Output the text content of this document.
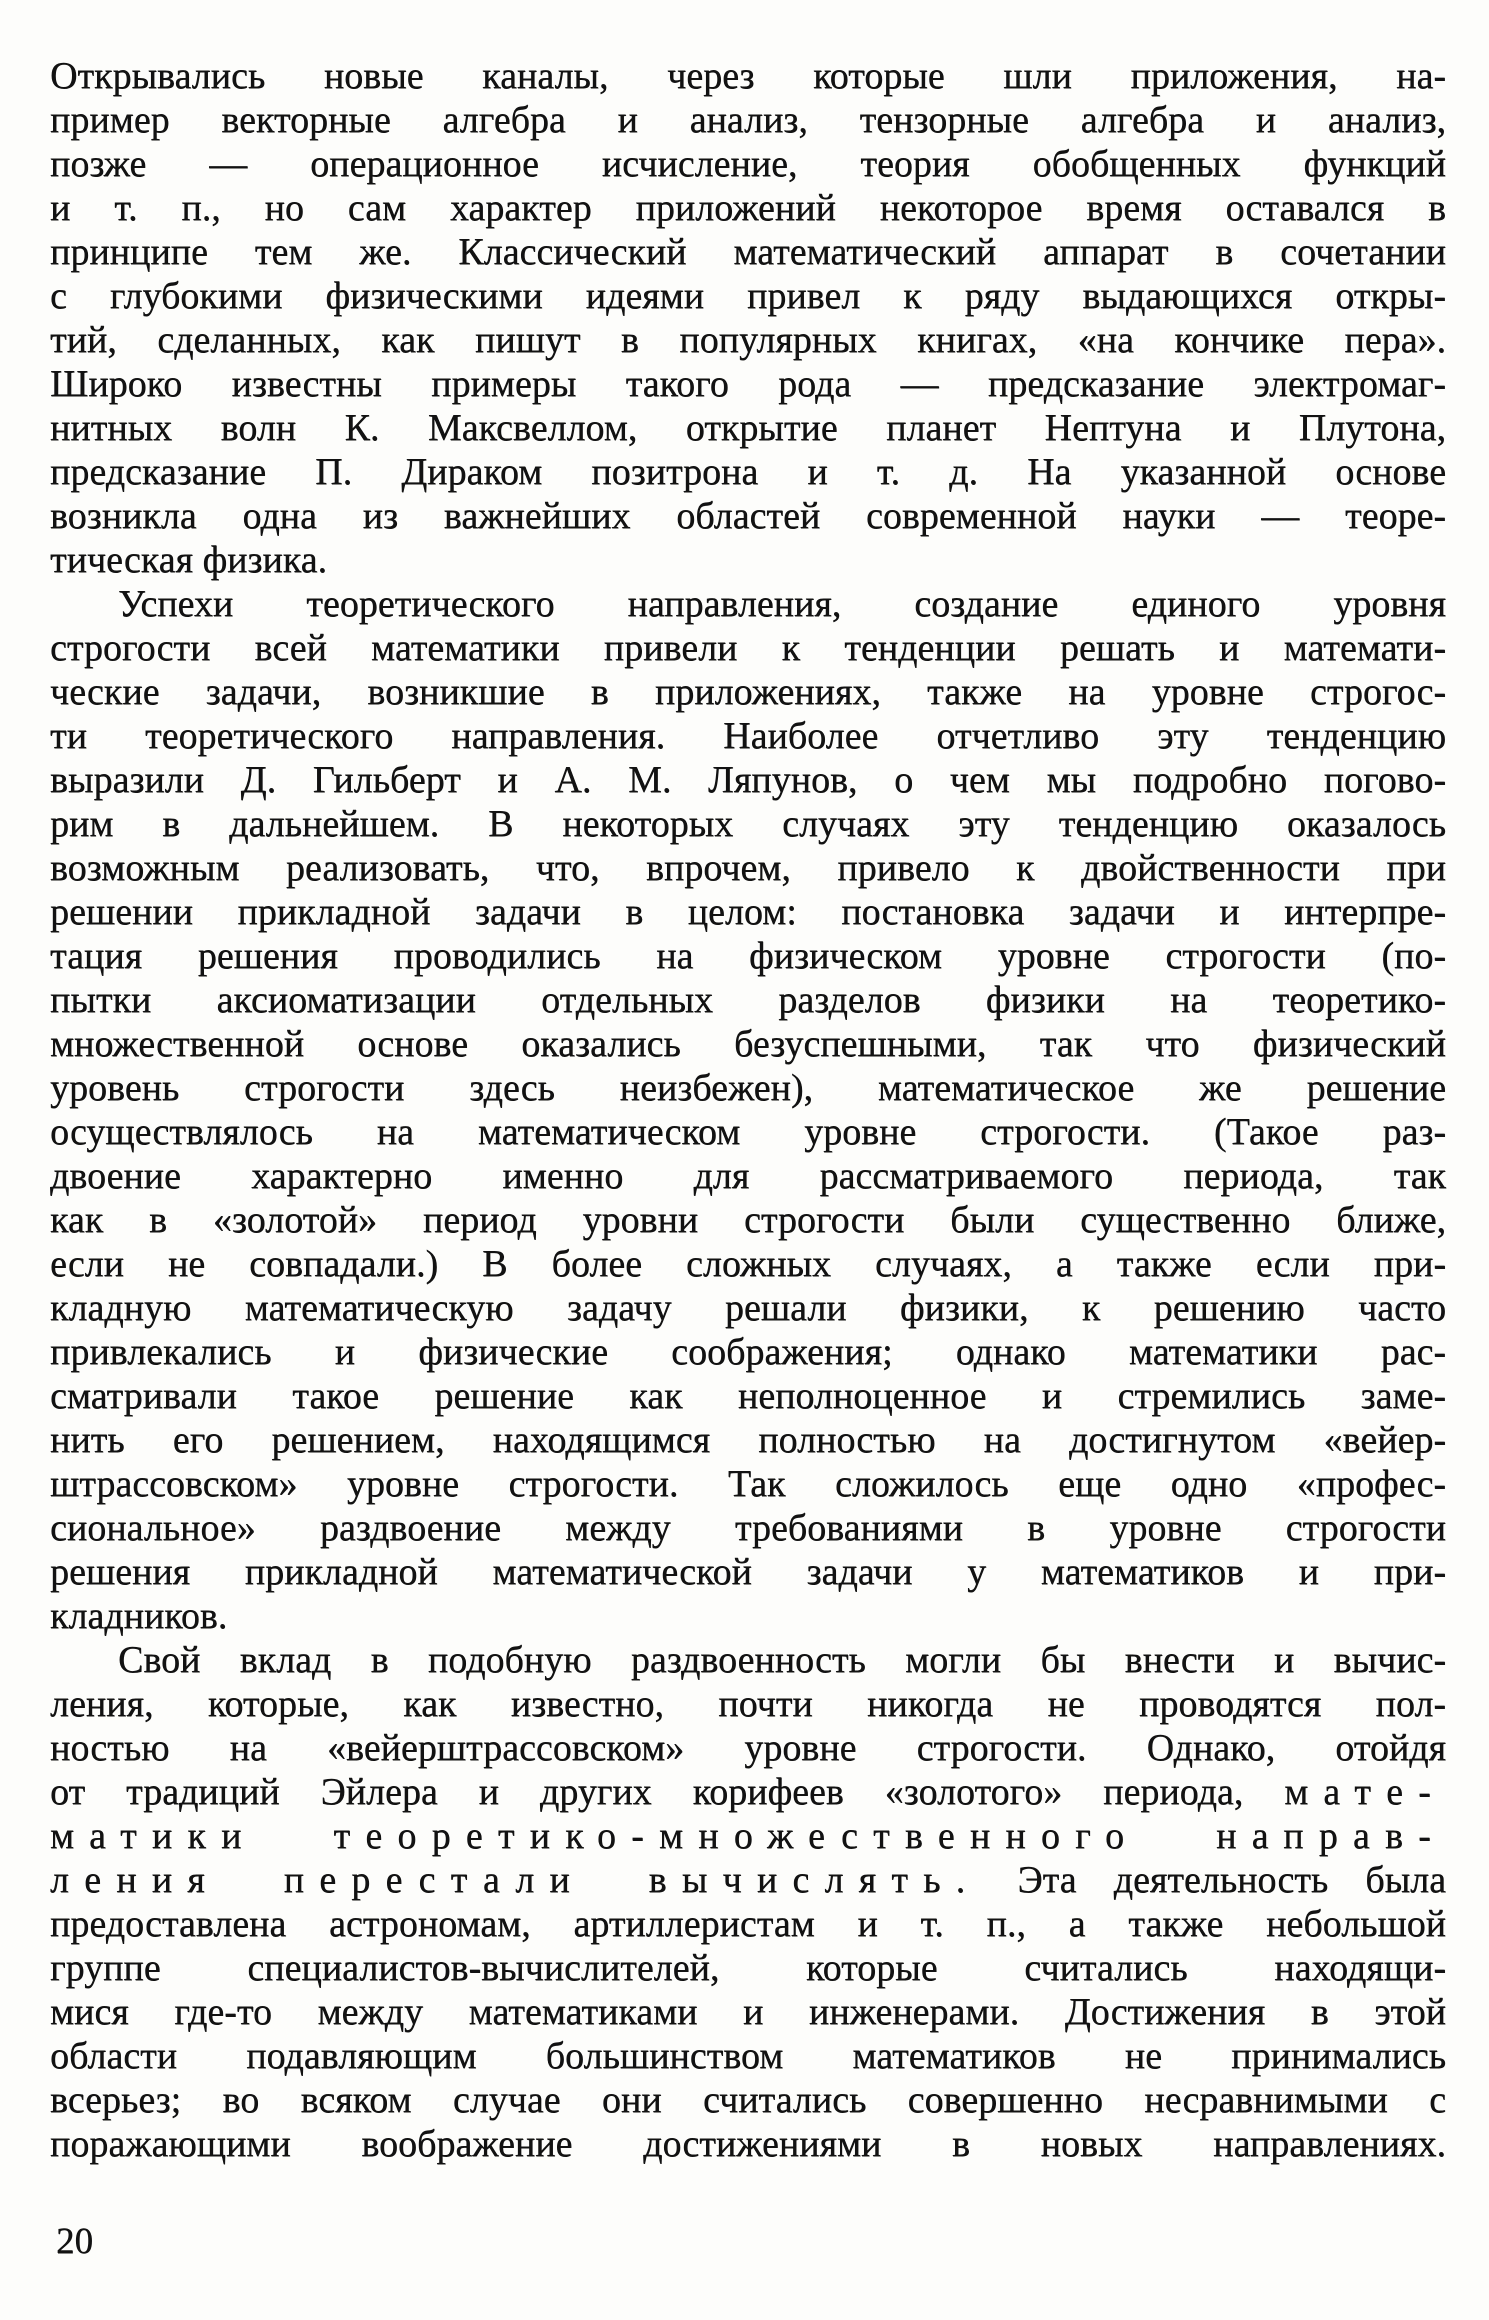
Открывались новые каналы, через которые шли приложения, на-
пример векторные алгебра и анализ, тензорные алгебра и анализ,
позже — операционное исчисление, теория обобщенных функций
и т. п., но сам характер приложений некоторое время оставался в
принципе тем же. Классический математический аппарат в сочетании
с глубокими физическими идеями привел к ряду выдающихся откры-
тий, сделанных, как пишут в популярных книгах, «на кончике пера».
Широко известны примеры такого рода — предсказание электромаг-
нитных волн К. Максвеллом, открытие планет Нептуна и Плутона,
предсказание П. Дираком позитрона и т. д. На указанной основе
возникла одна из важнейших областей современной науки — теоре-
тическая физика.
Успехи теоретического направления, создание единого уровня
строгости всей математики привели к тенденции решать и математи-
ческие задачи, возникшие в приложениях, также на уровне строгос-
ти теоретического направления. Наиболее отчетливо эту тенденцию
выразили Д. Гильберт и А. М. Ляпунов, о чем мы подробно погово-
рим в дальнейшем. В некоторых случаях эту тенденцию оказалось
возможным реализовать, что, впрочем, привело к двойственности при
решении прикладной задачи в целом: постановка задачи и интерпре-
тация решения проводились на физическом уровне строгости (по-
пытки аксиоматизации отдельных разделов физики на теоретико-
множественной основе оказались безуспешными, так что физический
уровень строгости здесь неизбежен), математическое же решение
осуществлялось на математическом уровне строгости. (Такое раз-
двоение характерно именно для рассматриваемого периода, так
как в «золотой» период уровни строгости были существенно ближе,
если не совпадали.) В более сложных случаях, а также если при-
кладную математическую задачу решали физики, к решению часто
привлекались и физические соображения; однако математики рас-
сматривали такое решение как неполноценное и стремились заме-
нить его решением, находящимся полностью на достигнутом «вейер-
штрассовском» уровне строгости. Так сложилось еще одно «профес-
сиональное» раздвоение между требованиями в уровне строгости
решения прикладной математической задачи у математиков и при-
кладников.
Свой вклад в подобную раздвоенность могли бы внести и вычис-
ления, которые, как известно, почти никогда не проводятся пол-
ностью на «вейерштрассовском» уровне строгости. Однако, отойдя
от традиций Эйлера и других корифеев «золотого» периода, мате-
матики теоретико-множественного направ-
ления перестали вычислять. Эта деятельность была
предоставлена астрономам, артиллеристам и т. п., а также небольшой
группе специалистов-вычислителей, которые считались находящи-
мися где-то между математиками и инженерами. Достижения в этой
области подавляющим большинством математиков не принимались
всерьез; во всяком случае они считались совершенно несравнимыми с
поражающими воображение достижениями в новых направлениях.
20
